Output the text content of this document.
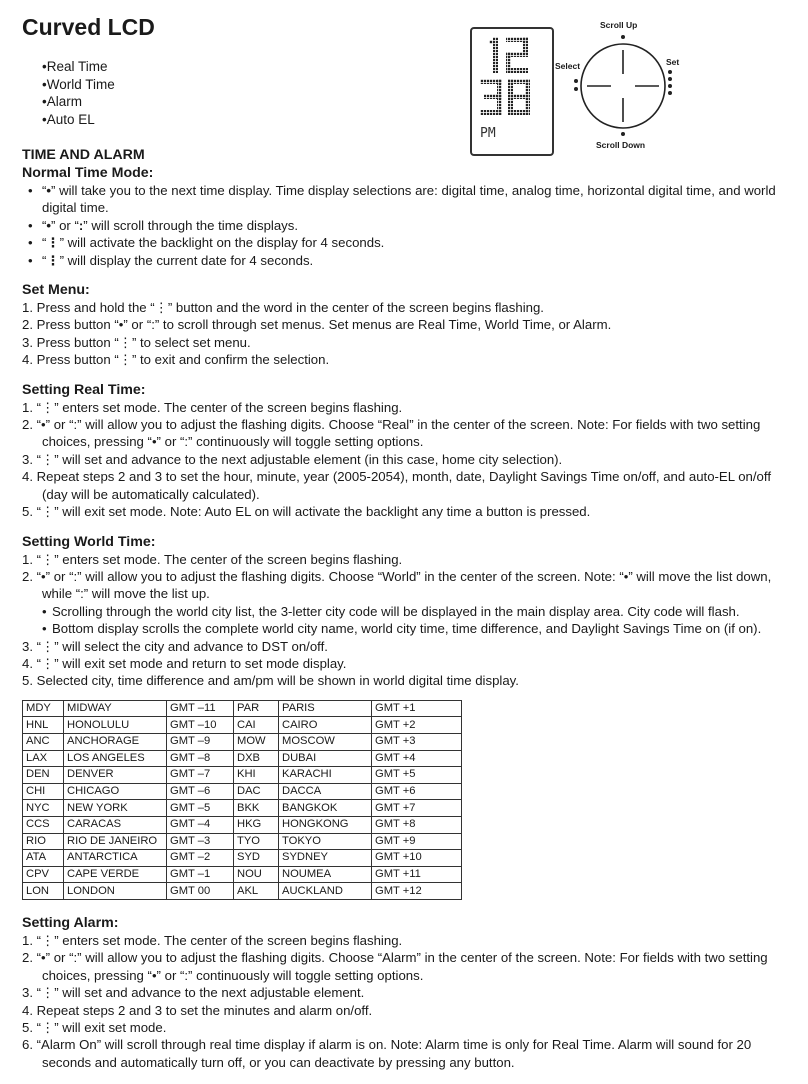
Curved LCD
• Real Time
• World Time
• Alarm
• Auto EL
PM
Scroll Up
Select	Set
Scroll Down
TIME AND ALARM
Normal Time Mode:
• “•” will take you to the next time display. Time display selections are: digital time, analog time, horizontal digital time, and world digital time.
• “•” or “:” will scroll through the time displays.
• “⋮” will activate the backlight on the display for 4 seconds.
• “⋮” will display the current date for 4 seconds.
Set Menu:
1. Press and hold the “⋮” button and the word in the center of the screen begins flashing.
2. Press button “•” or “:” to scroll through set menus. Set menus are Real Time, World Time, or Alarm.
3. Press button “⋮” to select set menu.
4. Press button “⋮” to exit and confirm the selection.
Setting Real Time:
1. “⋮” enters set mode. The center of the screen begins flashing.
2. “•” or “:” will allow you to adjust the flashing digits. Choose “Real” in the center of the screen. Note: For fields with two setting choices, pressing “•” or “:” continuously will toggle setting options.
3. “⋮” will set and advance to the next adjustable element (in this case, home city selection).
4. Repeat steps 2 and 3 to set the hour, minute, year (2005-2054), month, date, Daylight Savings Time on/off, and auto-EL on/off (day will be automatically calculated).
5. “⋮” will exit set mode. Note: Auto EL on will activate the backlight any time a button is pressed.
Setting World Time:
1. “⋮” enters set mode. The center of the screen begins flashing.
2. “•” or “:” will allow you to adjust the flashing digits. Choose “World” in the center of the screen. Note: “•” will move the list down, while “:” will move the list up.
• Scrolling through the world city list, the 3-letter city code will be displayed in the main display area. City code will flash.
• Bottom display scrolls the complete world city name, world city time, time difference, and Daylight Savings Time on (if on).
3. “⋮” will select the city and advance to DST on/off.
4. “⋮” will exit set mode and return to set mode display.
5. Selected city, time difference and am/pm will be shown in world digital time display.
MDY	MIDWAY	GMT –11	PAR	PARIS	GMT +1
HNL	HONOLULU	GMT –10	CAI	CAIRO	GMT +2
ANC	ANCHORAGE	GMT –9	MOW	MOSCOW	GMT +3
LAX	LOS ANGELES	GMT –8	DXB	DUBAI	GMT +4
DEN	DENVER	GMT –7	KHI	KARACHI	GMT +5
CHI	CHICAGO	GMT –6	DAC	DACCA	GMT +6
NYC	NEW YORK	GMT –5	BKK	BANGKOK	GMT +7
CCS	CARACAS	GMT –4	HKG	HONGKONG	GMT +8
RIO	RIO DE JANEIRO	GMT –3	TYO	TOKYO	GMT +9
ATA	ANTARCTICA	GMT –2	SYD	SYDNEY	GMT +10
CPV	CAPE VERDE	GMT –1	NOU	NOUMEA	GMT +11
LON	LONDON	GMT 00	AKL	AUCKLAND	GMT +12
Setting Alarm:
1. “⋮” enters set mode. The center of the screen begins flashing.
2. “•” or “:” will allow you to adjust the flashing digits. Choose “Alarm” in the center of the screen. Note: For fields with two setting choices, pressing “•” or “:” continuously will toggle setting options.
3. “⋮” will set and advance to the next adjustable element.
4. Repeat steps 2 and 3 to set the minutes and alarm on/off.
5. “⋮” will exit set mode.
6. “Alarm On” will scroll through real time display if alarm is on. Note: Alarm time is only for Real Time. Alarm will sound for 20 seconds and automatically turn off, or you can deactivate by pressing any button.
